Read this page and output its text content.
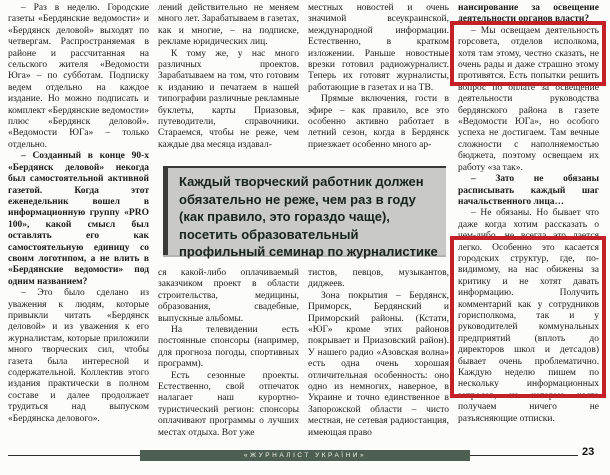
– Раз в неделю. Городские газеты «Бердянские ведомости» и «Бердянск деловой» выходят по четвергам. Распространяемая в районе и рассчитанная на сельского жителя «Ведомости Юга» – по субботам. Подписку ведем отдельно на каждое издание. Но можно подписать и комплект «Бердянские ведомости» плюс «Бердянск деловой». «Ведомости ЮГа» – только отдельно.

– Созданный в конце 90-х «Бердянск деловой» некогда был самостоятельной активной газетой. Когда этот еженедельник вошел в информационную группу «PRO 100», какой смысл был оставлять его как самостоятельную единицу со своим логотипом, а не влить в «Бердянские ведомости» под одним названием?

– Это было сделано из уважения к людям, которые привыкли читать «Бердянск деловой» и из уважения к его журналистам, которые приложили много творческих сил, чтобы газета была интересной и содержательной. Коллектив этого издания практически в полном составе и далее продолжает трудиться над выпуском «Бердянска делового».

лений действительно не меняем много лет. Зарабатываем в газетах, как и многие, – на подписке, рекламе юридических лиц.

К тому же, у нас много различных проектов. Зарабатываем на том, что готовим к изданию и печатаем в нашей типографии различные рекламные буклеты, карты Приазовья, путеводители, справочники. Стараемся, чтобы не реже, чем каждые два месяца издавал-

ся какой-либо оплачиваемый заказчиком проект в области строительства, медицины, образования, свадебные, выпускные альбомы.

На телевидении есть постоянные спонсоры (например, для прогноза погоды, спортивных программ).

Есть сезонные проекты. Естественно, свой отпечаток налагает наш курортно-туристический регион: спонсоры оплачивают программы о лучших местах отдыха. Вот уже

местных новостей и очень значимой всеукраинской, международной информации. Естественно, в кратком изложении. Раньше новостные врезки готовил радиожурналист. Теперь их готовят журналисты, работающие в газетах и на ТВ.

Прямые включения, гости в эфире – как правило, все это особенно активно работает в летний сезон, когда в Бердянск приезжает особенно много ар-

тистов, певцов, музыкантов, диджеев.

Зона покрытия – Бердянск, Приморск, Бердянский и Приморский районы. (Кстати, «ЮГ» кроме этих районов покрывает и Приазовский район). У нашего радио «Азовская волна» есть одна очень хорошая отличительная особенность: оно одно из немногих, наверное, в Украине и точно единственное в Запорожской области – чисто местная, не сетевая радиостанция, имеющая право

нансирование за освещение деятельности органов власти?

– Мы освещаем деятельность горсовета, отделов исполкома, хотя там этому, честно сказать, не очень рады и даже страшно этому противятся. Есть попытки решить вопрос по оплате за освещение деятельности руководства бердянского района в газете «Ведомости ЮГа», но особого успеха не достигаем. Там вечные сложности с наполняемостью бюджета, поэтому освещаем их работу «за так».

– Зато не обязаны расписывать каждый шаг начальственного лица…

– Не обязаны. Но бывает что даже когда хотим рассказать о чем-либо, не всегда это дается легко. Особенно это касается городских структур, где, по-видимому, на нас обижены за критику и не хотят давать информацию. Получить комментарий как у сотрудников горисполкома, так и у руководителей коммунальных предприятий (вплоть до директоров школ и детсадов) бывает очень проблематично. Каждую неделю пишем по нескольку информационных запросов, на которые часто получаем ничего не разъясняющие отписки.

Каждый творческий работник должен обязательно не реже, чем раз в году (как правило, это гораздо чаще), посетить образовательный профильный семинар по журналистике
«ЖУРНАЛІСТ УКРАЇНИ»	23
